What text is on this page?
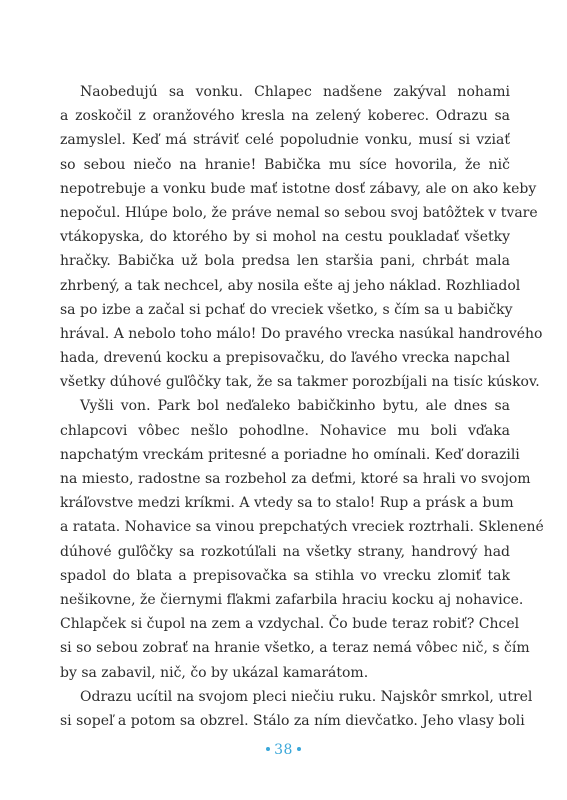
Naobedujú sa vonku. Chlapec nadšene zakýval nohami
a zoskočil z oranžového kresla na zelený koberec. Odrazu sa
zamyslel. Keď má stráviť celé popoludnie vonku, musí si vziať
so sebou niečo na hranie! Babička mu síce hovorila, že nič
nepotrebuje a vonku bude mať istotne dosť zábavy, ale on ako keby
nepočul. Hlúpe bolo, že práve nemal so sebou svoj batôžtek v tvare
vtákopyska, do ktorého by si mohol na cestu poukladať všetky
hračky. Babička už bola predsa len staršia pani, chrbát mala
zhrbený, a tak nechcel, aby nosila ešte aj jeho náklad. Rozhliadol
sa po izbe a začal si pchať do vreciek všetko, s čím sa u babičky
hrával. A nebolo toho málo! Do pravého vrecka nasúkal handrového
hada, drevenú kocku a prepisovačku, do ľavého vrecka napchal
všetky dúhové guľôčky tak, že sa takmer porozbíjali na tisíc kúskov.
Vyšli von. Park bol neďaleko babičkinho bytu, ale dnes sa
chlapcovi vôbec nešlo pohodlne. Nohavice mu boli vďaka
napchatým vreckám pritesné a poriadne ho omínali. Keď dorazili
na miesto, radostne sa rozbehol za deťmi, ktoré sa hrali vo svojom
kráľovstve medzi kríkmi. A vtedy sa to stalo! Rup a prásk a bum
a ratata. Nohavice sa vinou prepchatých vreciek roztrhali. Sklenené
dúhové guľôčky sa rozkotúľali na všetky strany, handrový had
spadol do blata a prepisovačka sa stihla vo vrecku zlomiť tak
nešikovne, že čiernymi fľakmi zafarbila hraciu kocku aj nohavice.
Chlapček si čupol na zem a vzdychal. Čo bude teraz robiť? Chcel
si so sebou zobrať na hranie všetko, a teraz nemá vôbec nič, s čím
by sa zabavil, nič, čo by ukázal kamarátom.
Odrazu ucítil na svojom pleci niečiu ruku. Najskôr smrkol, utrel
si sopeľ a potom sa obzrel. Stálo za ním dievčatko. Jeho vlasy boli
38
